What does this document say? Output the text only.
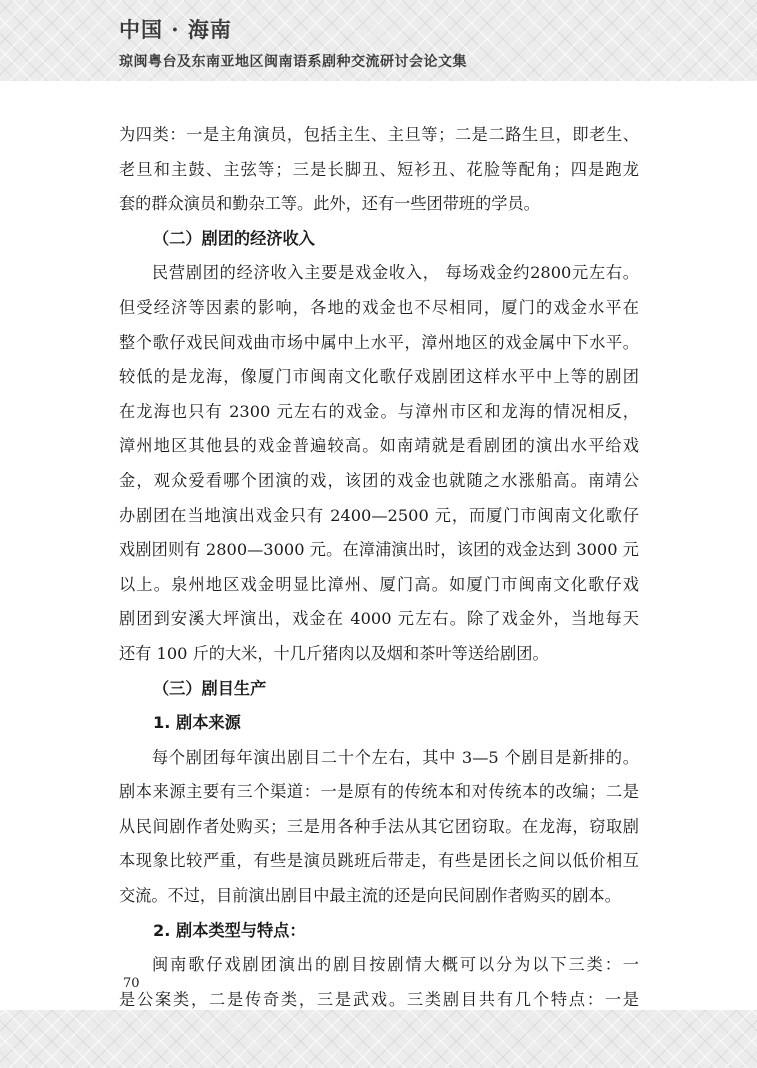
中国 · 海南
琼闽粤台及东南亚地区闽南语系剧种交流研讨会论文集
为四类：一是主角演员，包括主生、主旦等；二是二路生旦，即老生、
老旦和主鼓、主弦等；三是长脚丑、短衫丑、花脸等配角；四是跑龙
套的群众演员和勤杂工等。此外，还有一些团带班的学员。
（二）剧团的经济收入
民营剧团的经济收入主要是戏金收入， 每场戏金约2800元左右。
但受经济等因素的影响，各地的戏金也不尽相同，厦门的戏金水平在
整个歌仔戏民间戏曲市场中属中上水平，漳州地区的戏金属中下水平。
较低的是龙海，像厦门市闽南文化歌仔戏剧团这样水平中上等的剧团
在龙海也只有 2300 元左右的戏金。与漳州市区和龙海的情况相反，
漳州地区其他县的戏金普遍较高。如南靖就是看剧团的演出水平给戏
金，观众爱看哪个团演的戏，该团的戏金也就随之水涨船高。南靖公
办剧团在当地演出戏金只有 2400—2500 元，而厦门市闽南文化歌仔
戏剧团则有 2800—3000 元。在漳浦演出时，该团的戏金达到 3000 元
以上。泉州地区戏金明显比漳州、厦门高。如厦门市闽南文化歌仔戏
剧团到安溪大坪演出，戏金在 4000 元左右。除了戏金外，当地每天
还有 100 斤的大米，十几斤猪肉以及烟和茶叶等送给剧团。
（三）剧目生产
1. 剧本来源
每个剧团每年演出剧目二十个左右，其中 3—5 个剧目是新排的。
剧本来源主要有三个渠道：一是原有的传统本和对传统本的改编；二是
从民间剧作者处购买；三是用各种手法从其它团窃取。在龙海，窃取剧
本现象比较严重，有些是演员跳班后带走，有些是团长之间以低价相互
交流。不过，目前演出剧目中最主流的还是向民间剧作者购买的剧本。
2. 剧本类型与特点：
闽南歌仔戏剧团演出的剧目按剧情大概可以分为以下三类：一
是公案类，二是传奇类，三是武戏。三类剧目共有几个特点：一是
70
